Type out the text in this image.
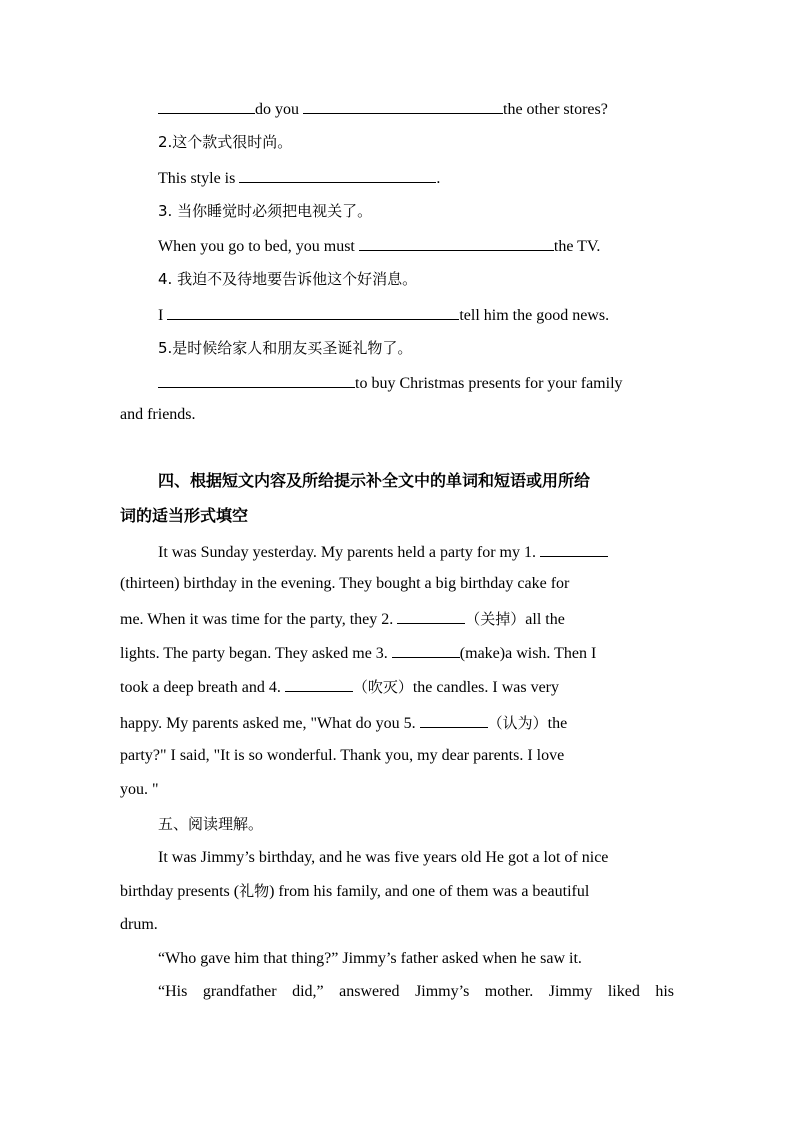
do you	the other stores?
2.这个款式很时尚。
This style is	.
3. 当你睡觉时必须把电视关了。
When you go to bed, you must	the TV.
4. 我迫不及待地要告诉他这个好消息。
I	tell him the good news.
5.是时候给家人和朋友买圣诞礼物了。
to buy Christmas presents for your family
and friends.
四、根据短文内容及所给提示补全文中的单词和短语或用所给
词的适当形式填空
It was Sunday yesterday. My parents held a party for my 1.
(thirteen) birthday in the evening. They bought a big birthday cake for
me. When it was time for the party, they 2.	（关掉）all the
lights. The party began. They asked me 3.	(make)a wish. Then I
took a deep breath and 4.	（吹灭）the candles. I was very
happy. My parents asked me, "What do you 5.	（认为）the
party?" I said, "It is so wonderful. Thank you, my dear parents. I love
you. "
五、阅读理解。
It was Jimmy’s birthday, and he was five years old He got a lot of nice
birthday presents (礼物) from his family, and one of them was a beautiful
drum.
“Who gave him that thing?” Jimmy’s father asked when he saw it.
“His grandfather did,” answered Jimmy’s mother. Jimmy liked his
